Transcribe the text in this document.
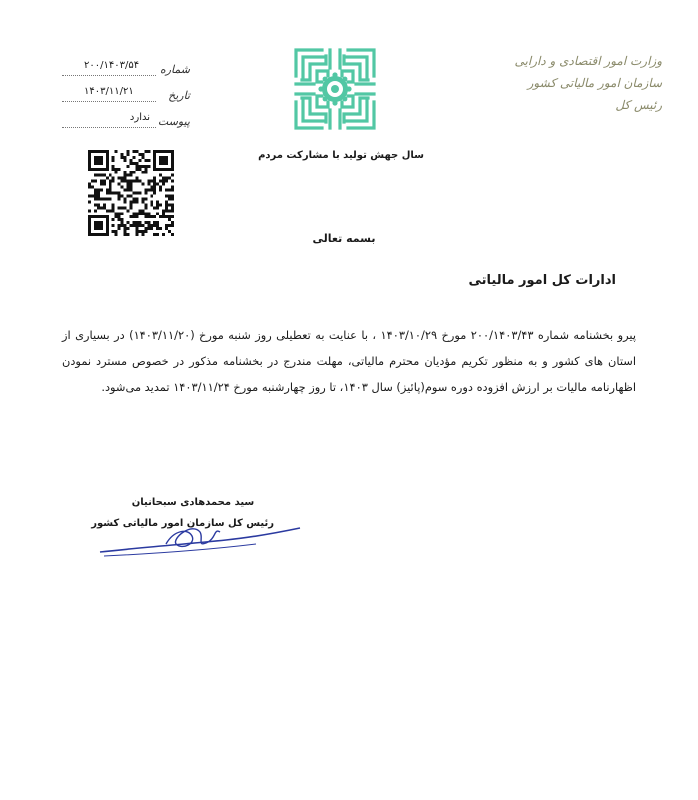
وزارت امور اقتصادی و دارایی
سازمان امور مالیاتی کشور
رئیس کل
سال جهش تولید با مشارکت مردم
شماره
۲۰۰/۱۴۰۳/۵۴
تاریخ
۱۴۰۳/۱۱/۲۱
پیوست
ندارد
بسمه تعالی
ادارات کل امور مالیاتی
پیرو بخشنامه شماره ۲۰۰/۱۴۰۳/۴۳ مورخ ۱۴۰۳/۱۰/۲۹ ، با عنایت به تعطیلی روز شنبه مورخ (۱۴۰۳/۱۱/۲۰) در بسیاری از استان های کشور و به منظور تکریم مؤدیان محترم مالیاتی، مهلت مندرج در بخشنامه مذکور در خصوص مسترد نمودن اظهارنامه مالیات بر ارزش افزوده دوره سوم(پائیز) سال ۱۴۰۳، تا روز چهارشنبه مورخ ۱۴۰۳/۱۱/۲۴ تمدید می‌شود.
سید محمدهادی سبحانیان
رئیس کل سازمان امور مالیاتی کشور
